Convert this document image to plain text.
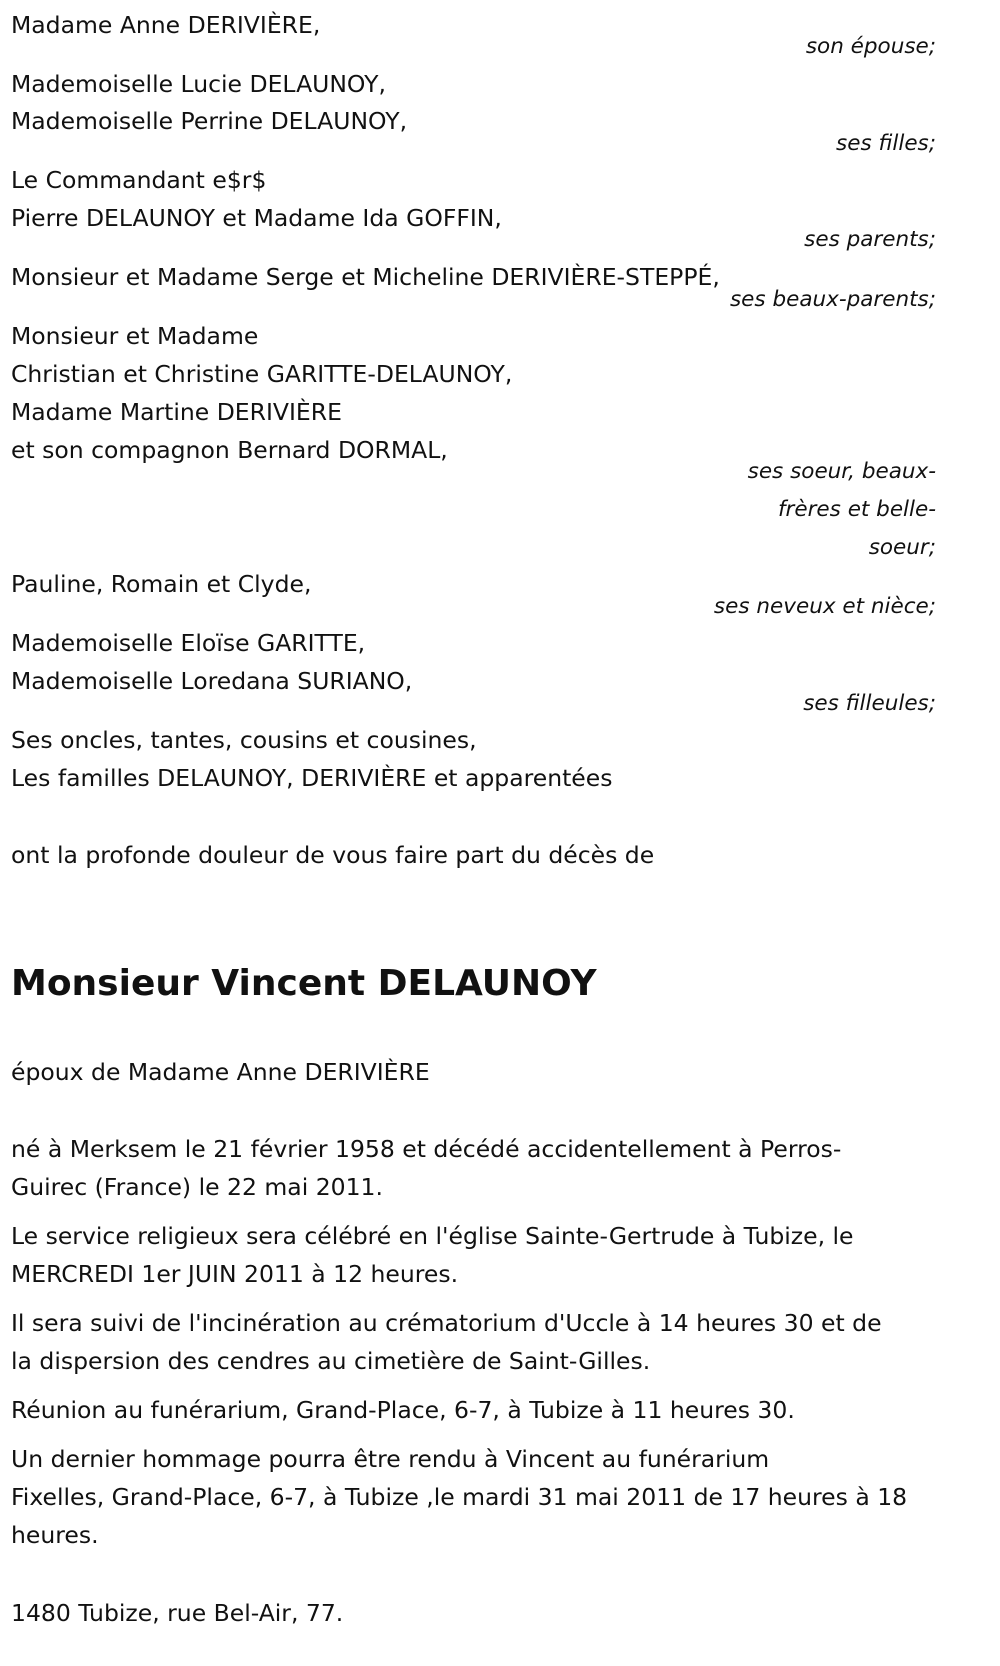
Madame Anne DERIVIÈRE,
son épouse;
Mademoiselle Lucie DELAUNOY,
Mademoiselle Perrine DELAUNOY,
ses filles;
Le Commandant e$r$
Pierre DELAUNOY et Madame Ida GOFFIN,
ses parents;
Monsieur et Madame Serge et Micheline DERIVIÈRE-STEPPÉ,
ses beaux-parents;
Monsieur et Madame
Christian et Christine GARITTE-DELAUNOY,
Madame Martine DERIVIÈRE
et son compagnon Bernard DORMAL,
ses soeur, beaux-
frères et belle-
soeur;
Pauline, Romain et Clyde,
ses neveux et nièce;
Mademoiselle Eloïse GARITTE,
Mademoiselle Loredana SURIANO,
ses filleules;
Ses oncles, tantes, cousins et cousines,
Les familles DELAUNOY, DERIVIÈRE et apparentées
ont la profonde douleur de vous faire part du décès de
Monsieur Vincent DELAUNOY
époux de Madame Anne DERIVIÈRE
né à Merksem le 21 février 1958 et décédé accidentellement à Perros-
Guirec (France) le 22 mai 2011.
Le service religieux sera célébré en l'église Sainte-Gertrude à Tubize, le
MERCREDI 1er JUIN 2011 à 12 heures.
Il sera suivi de l'incinération au crématorium d'Uccle à 14 heures 30 et de
la dispersion des cendres au cimetière de Saint-Gilles.
Réunion au funérarium, Grand-Place, 6-7, à Tubize à 11 heures 30.
Un dernier hommage pourra être rendu à Vincent au funérarium
Fixelles, Grand-Place, 6-7, à Tubize ,le mardi 31 mai 2011 de 17 heures à 18
heures.
1480 Tubize, rue Bel-Air, 77.
